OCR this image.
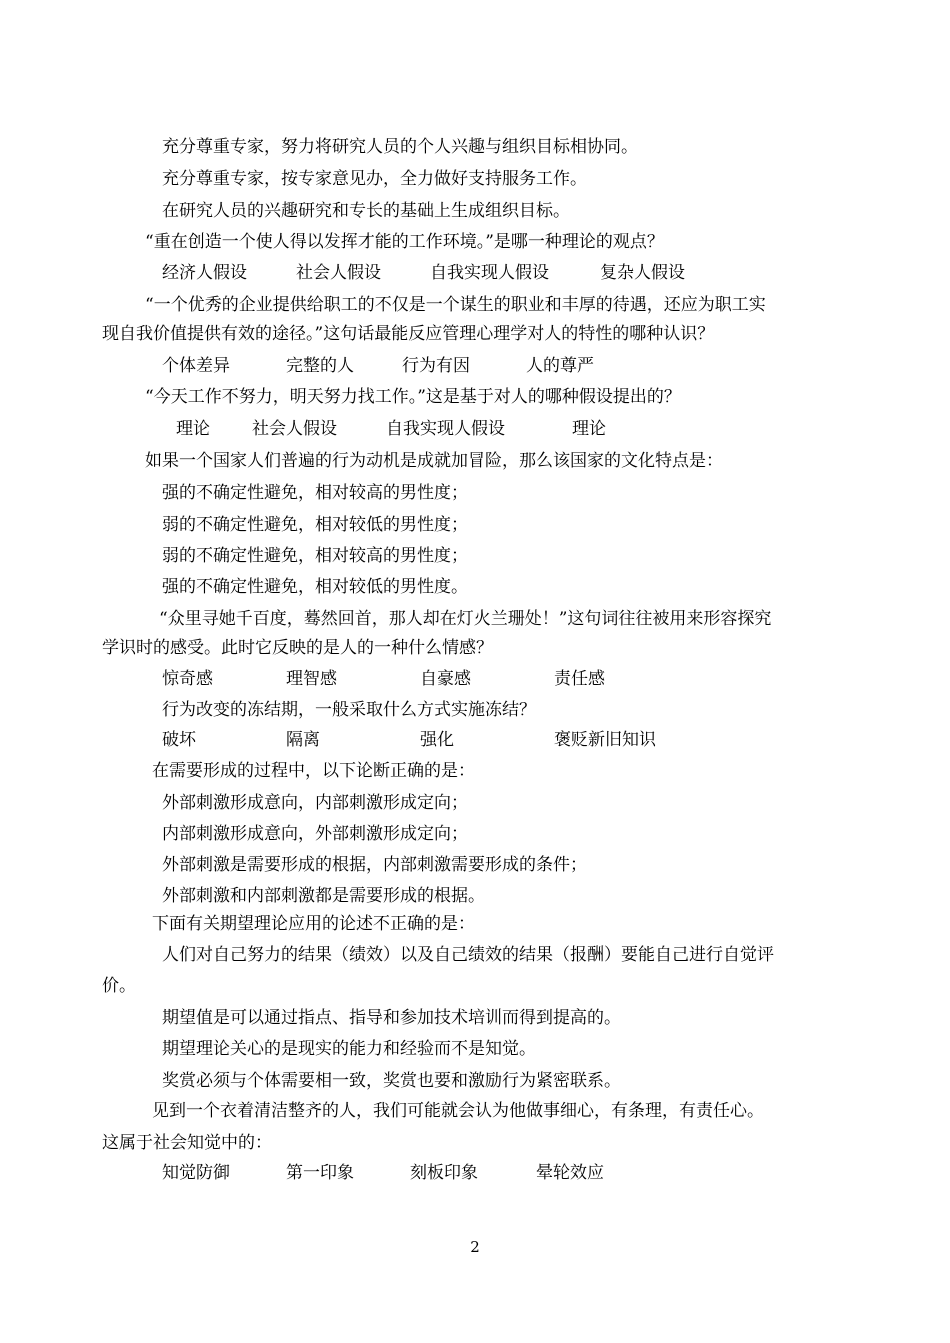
充分尊重专家，努力将研究人员的个人兴趣与组织目标相协同。
充分尊重专家，按专家意见办，全力做好支持服务工作。
在研究人员的兴趣研究和专长的基础上生成组织目标。
“重在创造一个使人得以发挥才能的工作环境。”是哪一种理论的观点？
经济人假设	社会人假设	自我实现人假设	复杂人假设
“一个优秀的企业提供给职工的不仅是一个谋生的职业和丰厚的待遇，还应为职工实
现自我价值提供有效的途径。”这句话最能反应管理心理学对人的特性的哪种认识？
个体差异	完整的人	行为有因	人的尊严
“今天工作不努力，明天努力找工作。”这是基于对人的哪种假设提出的？
理论 社会人假设	自我实现人假设	理论
如果一个国家人们普遍的行为动机是成就加冒险，那么该国家的文化特点是：
强的不确定性避免，相对较高的男性度；
弱的不确定性避免，相对较低的男性度；
弱的不确定性避免，相对较高的男性度；
强的不确定性避免，相对较低的男性度。
“众里寻她千百度，蓦然回首，那人却在灯火兰珊处！”这句词往往被用来形容探究
学识时的感受。此时它反映的是人的一种什么情感？
惊奇感	理智感	自豪感	责任感
行为改变的冻结期，一般采取什么方式实施冻结？
破坏	隔离	强化	褒贬新旧知识
在需要形成的过程中，以下论断正确的是：
外部刺激形成意向，内部刺激形成定向；
内部刺激形成意向，外部刺激形成定向；
外部刺激是需要形成的根据，内部刺激需要形成的条件；
外部刺激和内部刺激都是需要形成的根据。
下面有关期望理论应用的论述不正确的是：
人们对自己努力的结果（绩效）以及自己绩效的结果（报酬）要能自己进行自觉评
价。
期望值是可以通过指点、指导和参加技术培训而得到提高的。
期望理论关心的是现实的能力和经验而不是知觉。
奖赏必须与个体需要相一致，奖赏也要和激励行为紧密联系。
见到一个衣着清洁整齐的人，我们可能就会认为他做事细心，有条理，有责任心。
这属于社会知觉中的：
知觉防御	第一印象	刻板印象	晕轮效应
2
